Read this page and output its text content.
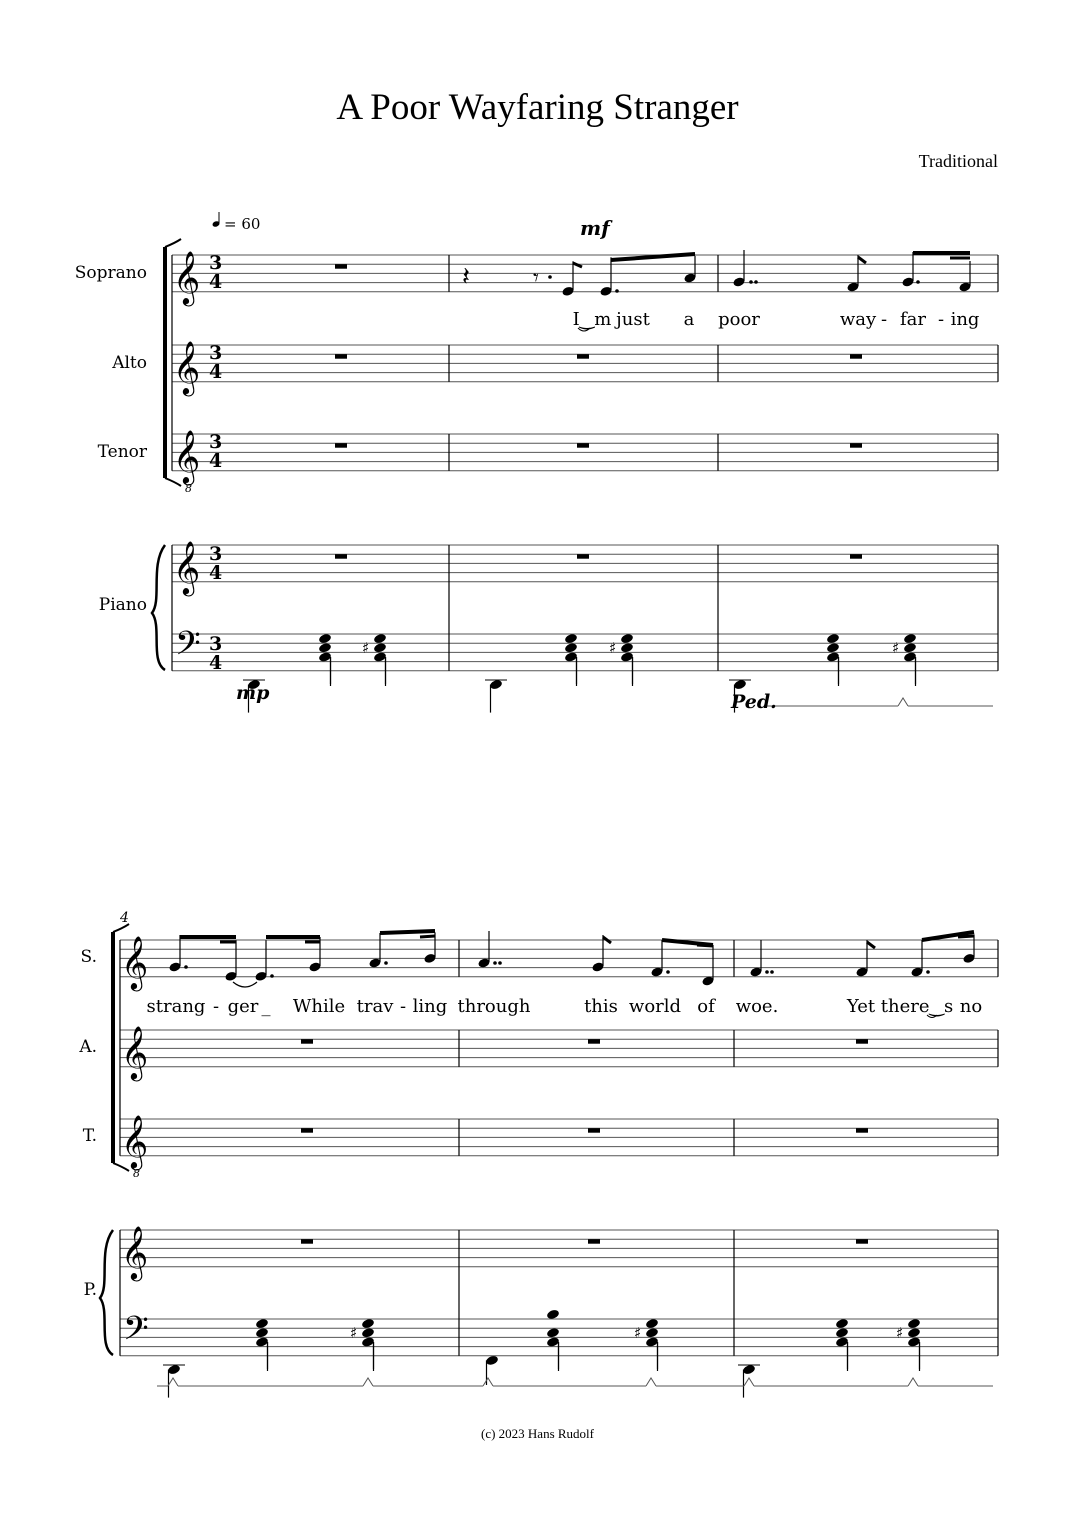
A Poor Wayfaring Stranger
Traditional
𝄞
𝄞
𝄞
𝄞
𝄢
8
𝄽	𝄾
♯	♯	♯
𝄞
𝄞
𝄞
𝄞
𝄢
8
♯	♯	♯
= 60	mf
mp	Ped.
Soprano
Alto
Tenor
Piano
S.
A.
T.
P.
4
3
4
3
4
3
4
3
4
3
4
I‿m just a poor	way - far - ing
strang - ger _ While trav - ling through	this world of woe.	Yet there‿s no
(c) 2023 Hans Rudolf
